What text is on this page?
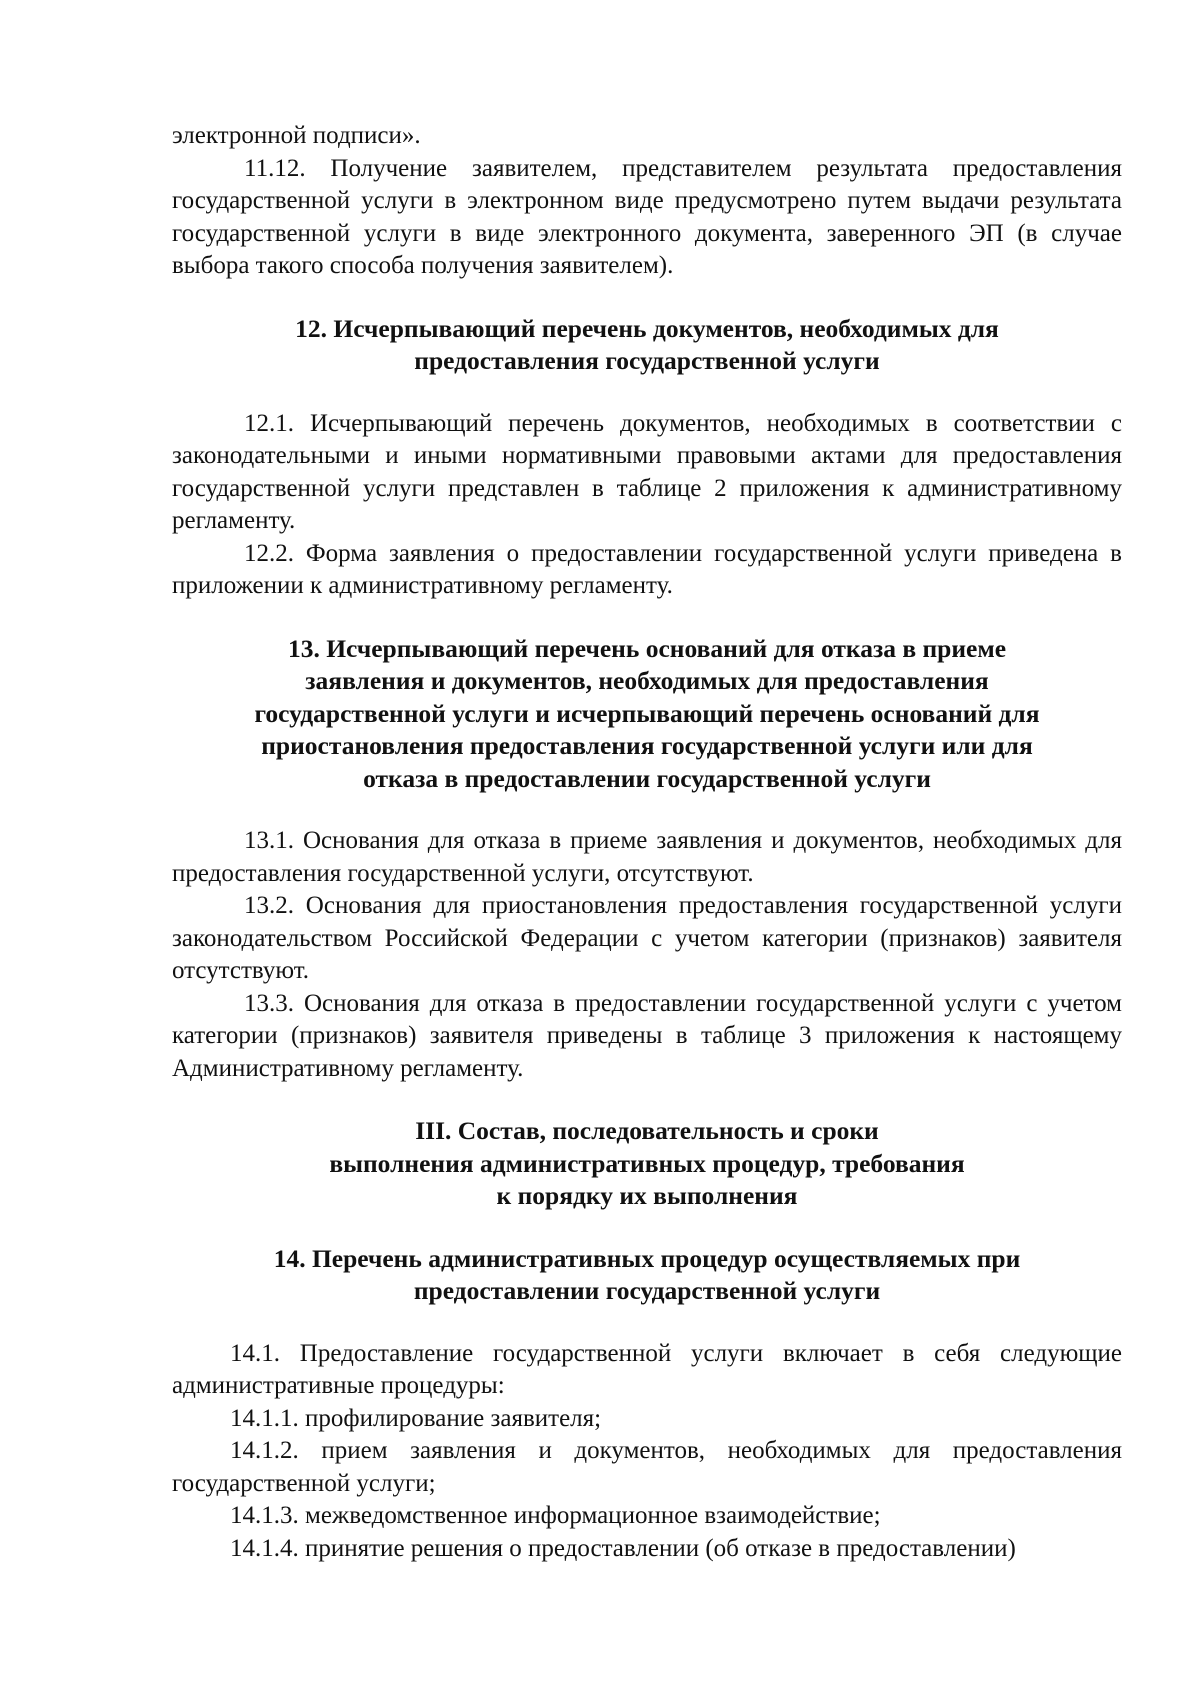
электронной подписи».

11.12. Получение заявителем, представителем результата предоставления государственной услуги в электронном виде предусмотрено путем выдачи результата государственной услуги в виде электронного документа, заверенного ЭП (в случае выбора такого способа получения заявителем).

12. Исчерпывающий перечень документов, необходимых для
предоставления государственной услуги

12.1. Исчерпывающий перечень документов, необходимых в соответствии с законодательными и иными нормативными правовыми актами для предоставления государственной услуги представлен в таблице 2 приложения к административному регламенту.

12.2. Форма заявления о предоставлении государственной услуги приведена в приложении к административному регламенту.

13. Исчерпывающий перечень оснований для отказа в приеме
заявления и документов, необходимых для предоставления
государственной услуги и исчерпывающий перечень оснований для
приостановления предоставления государственной услуги или для
отказа в предоставлении государственной услуги

13.1. Основания для отказа в приеме заявления и документов, необходимых для предоставления государственной услуги, отсутствуют.

13.2. Основания для приостановления предоставления государственной услуги законодательством Российской Федерации с учетом категории (признаков) заявителя отсутствуют.

13.3. Основания для отказа в предоставлении государственной услуги с учетом категории (признаков) заявителя приведены в таблице 3 приложения к настоящему Административному регламенту.

III. Состав, последовательность и сроки
выполнения административных процедур, требования
к порядку их выполнения
14. Перечень административных процедур осуществляемых при
предоставлении государственной услуги

14.1. Предоставление государственной услуги включает в себя следующие административные процедуры:

14.1.1. профилирование заявителя;

14.1.2. прием заявления и документов, необходимых для предоставления государственной услуги;

14.1.3. межведомственное информационное взаимодействие;

14.1.4. принятие решения о предоставлении (об отказе в предоставлении)
